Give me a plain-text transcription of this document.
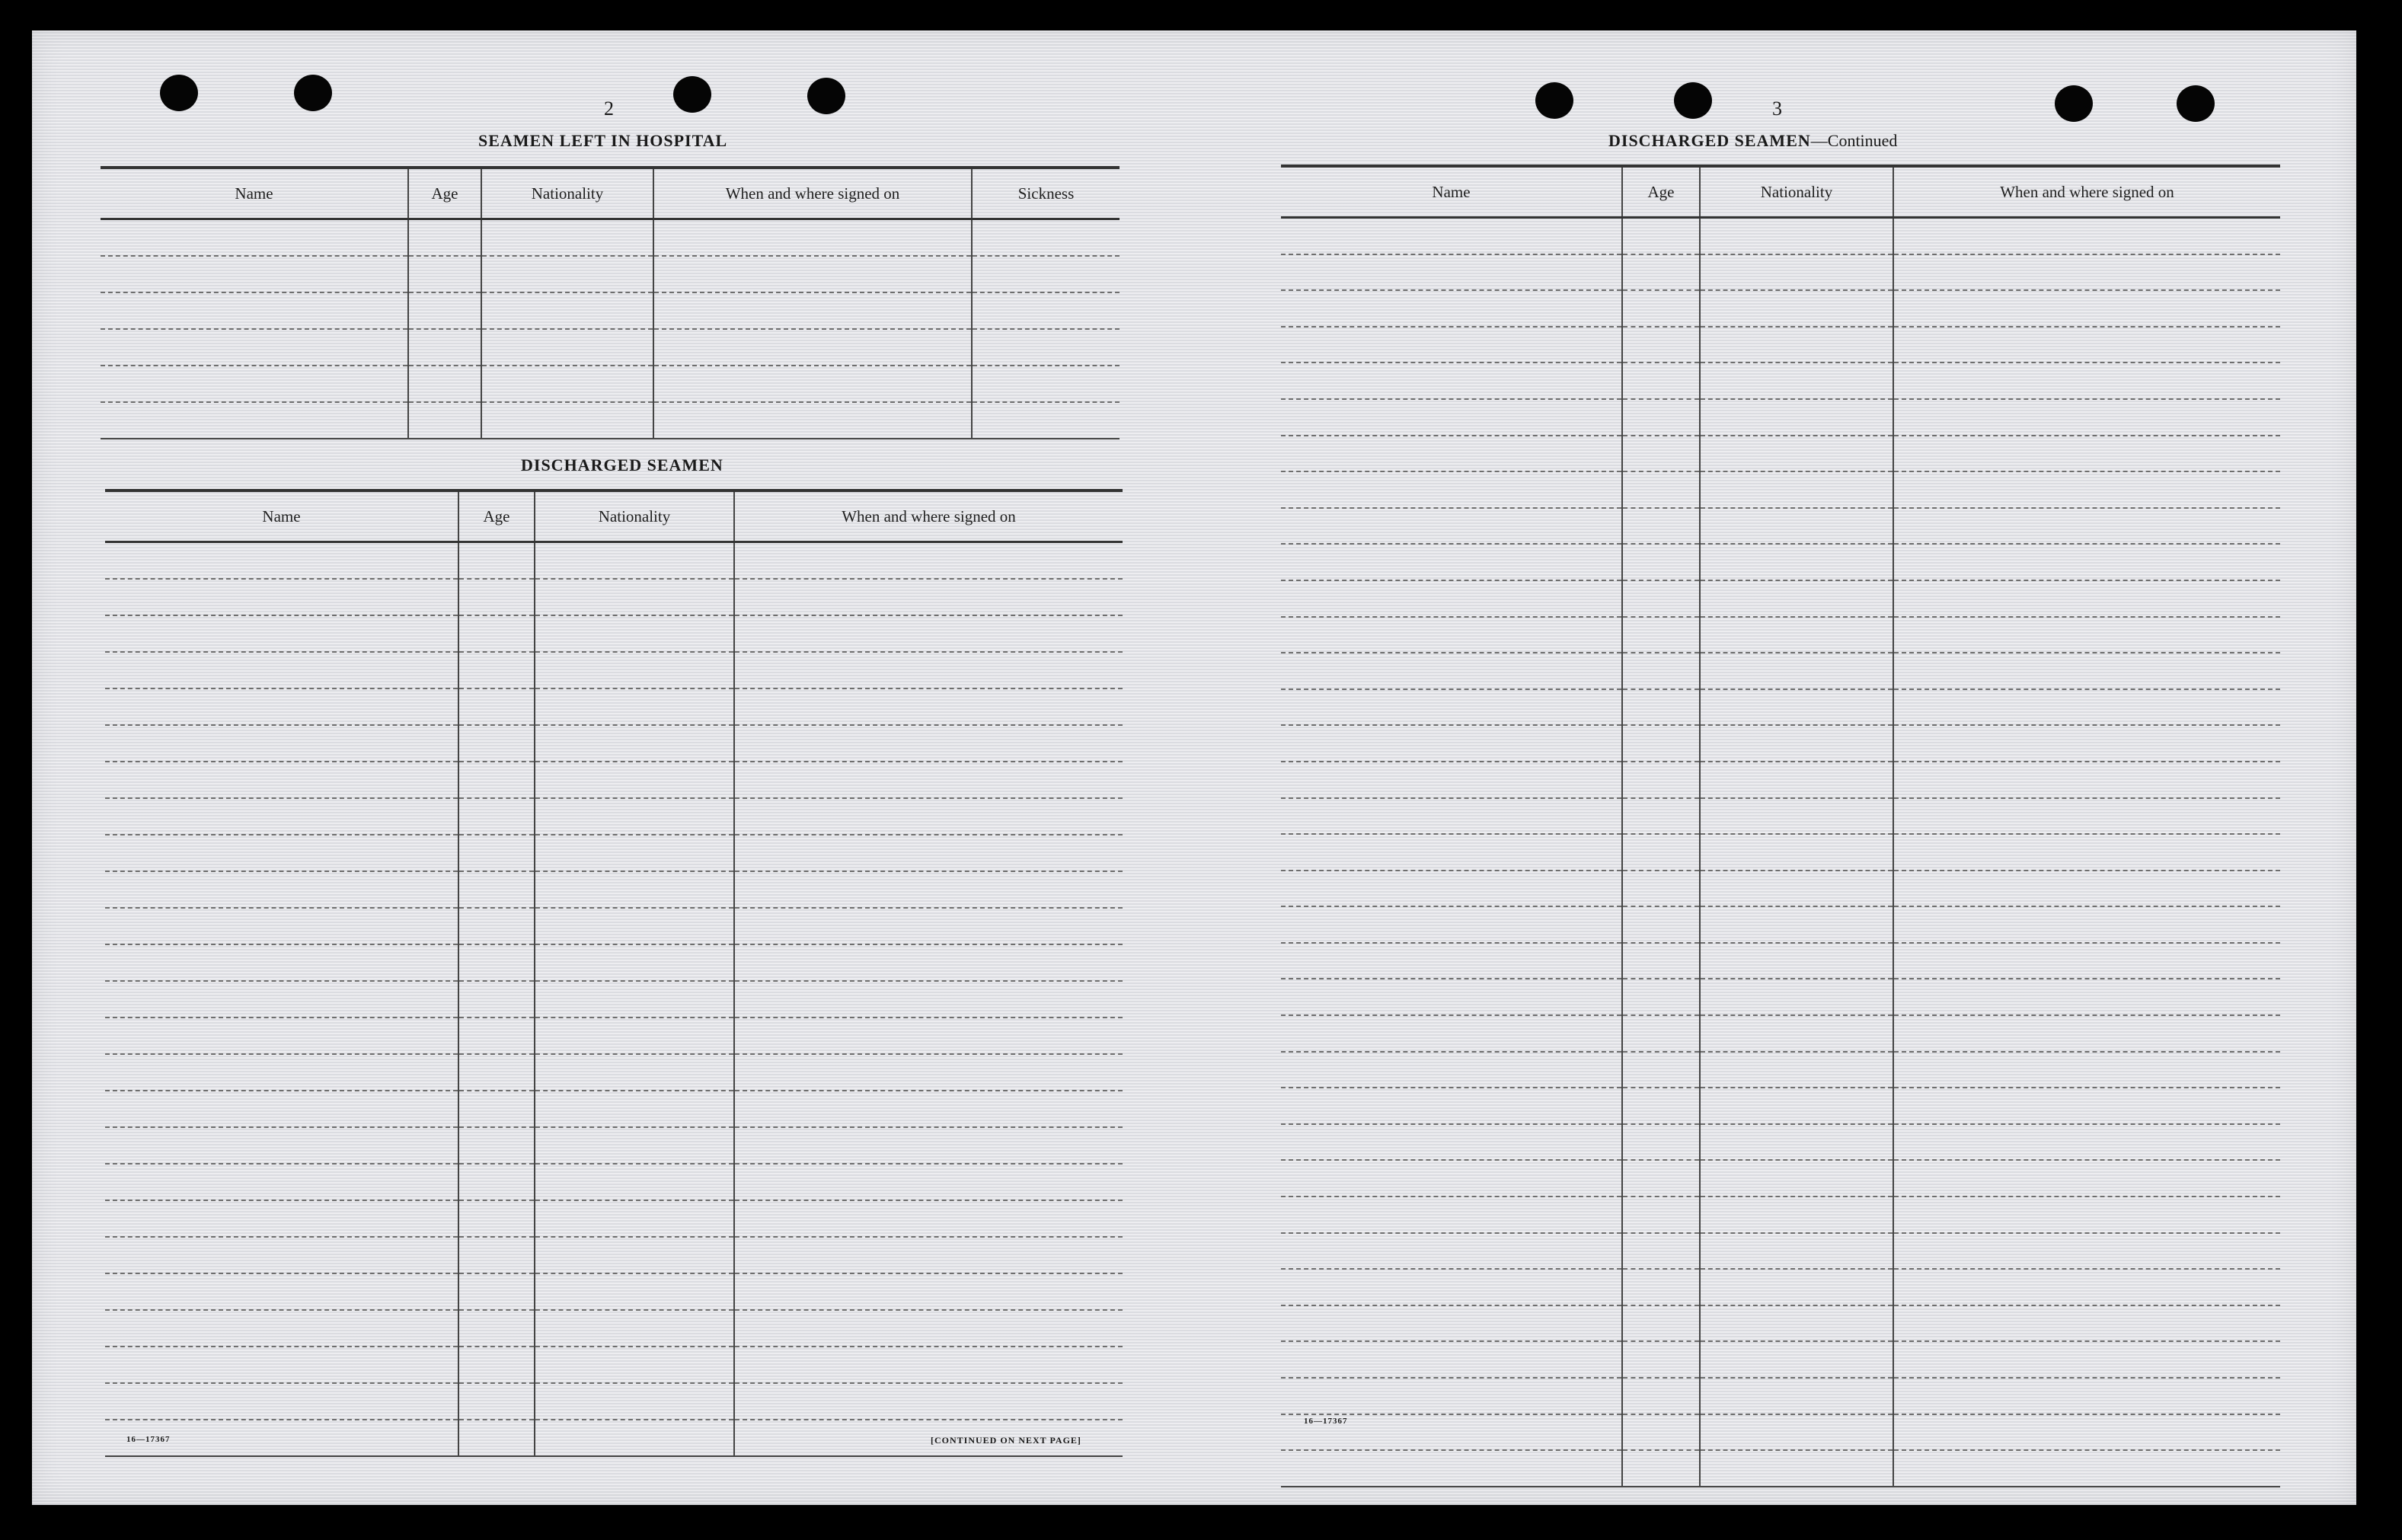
2
SEAMEN LEFT IN HOSPITAL
Name	Age	Nationality	When and where signed on	Sickness

DISCHARGED SEAMEN
Name	Age	Nationality	When and where signed on

16—17367	[CONTINUED ON NEXT PAGE]
3
DISCHARGED SEAMEN—Continued
Name	Age	Nationality	When and where signed on

16—17367
